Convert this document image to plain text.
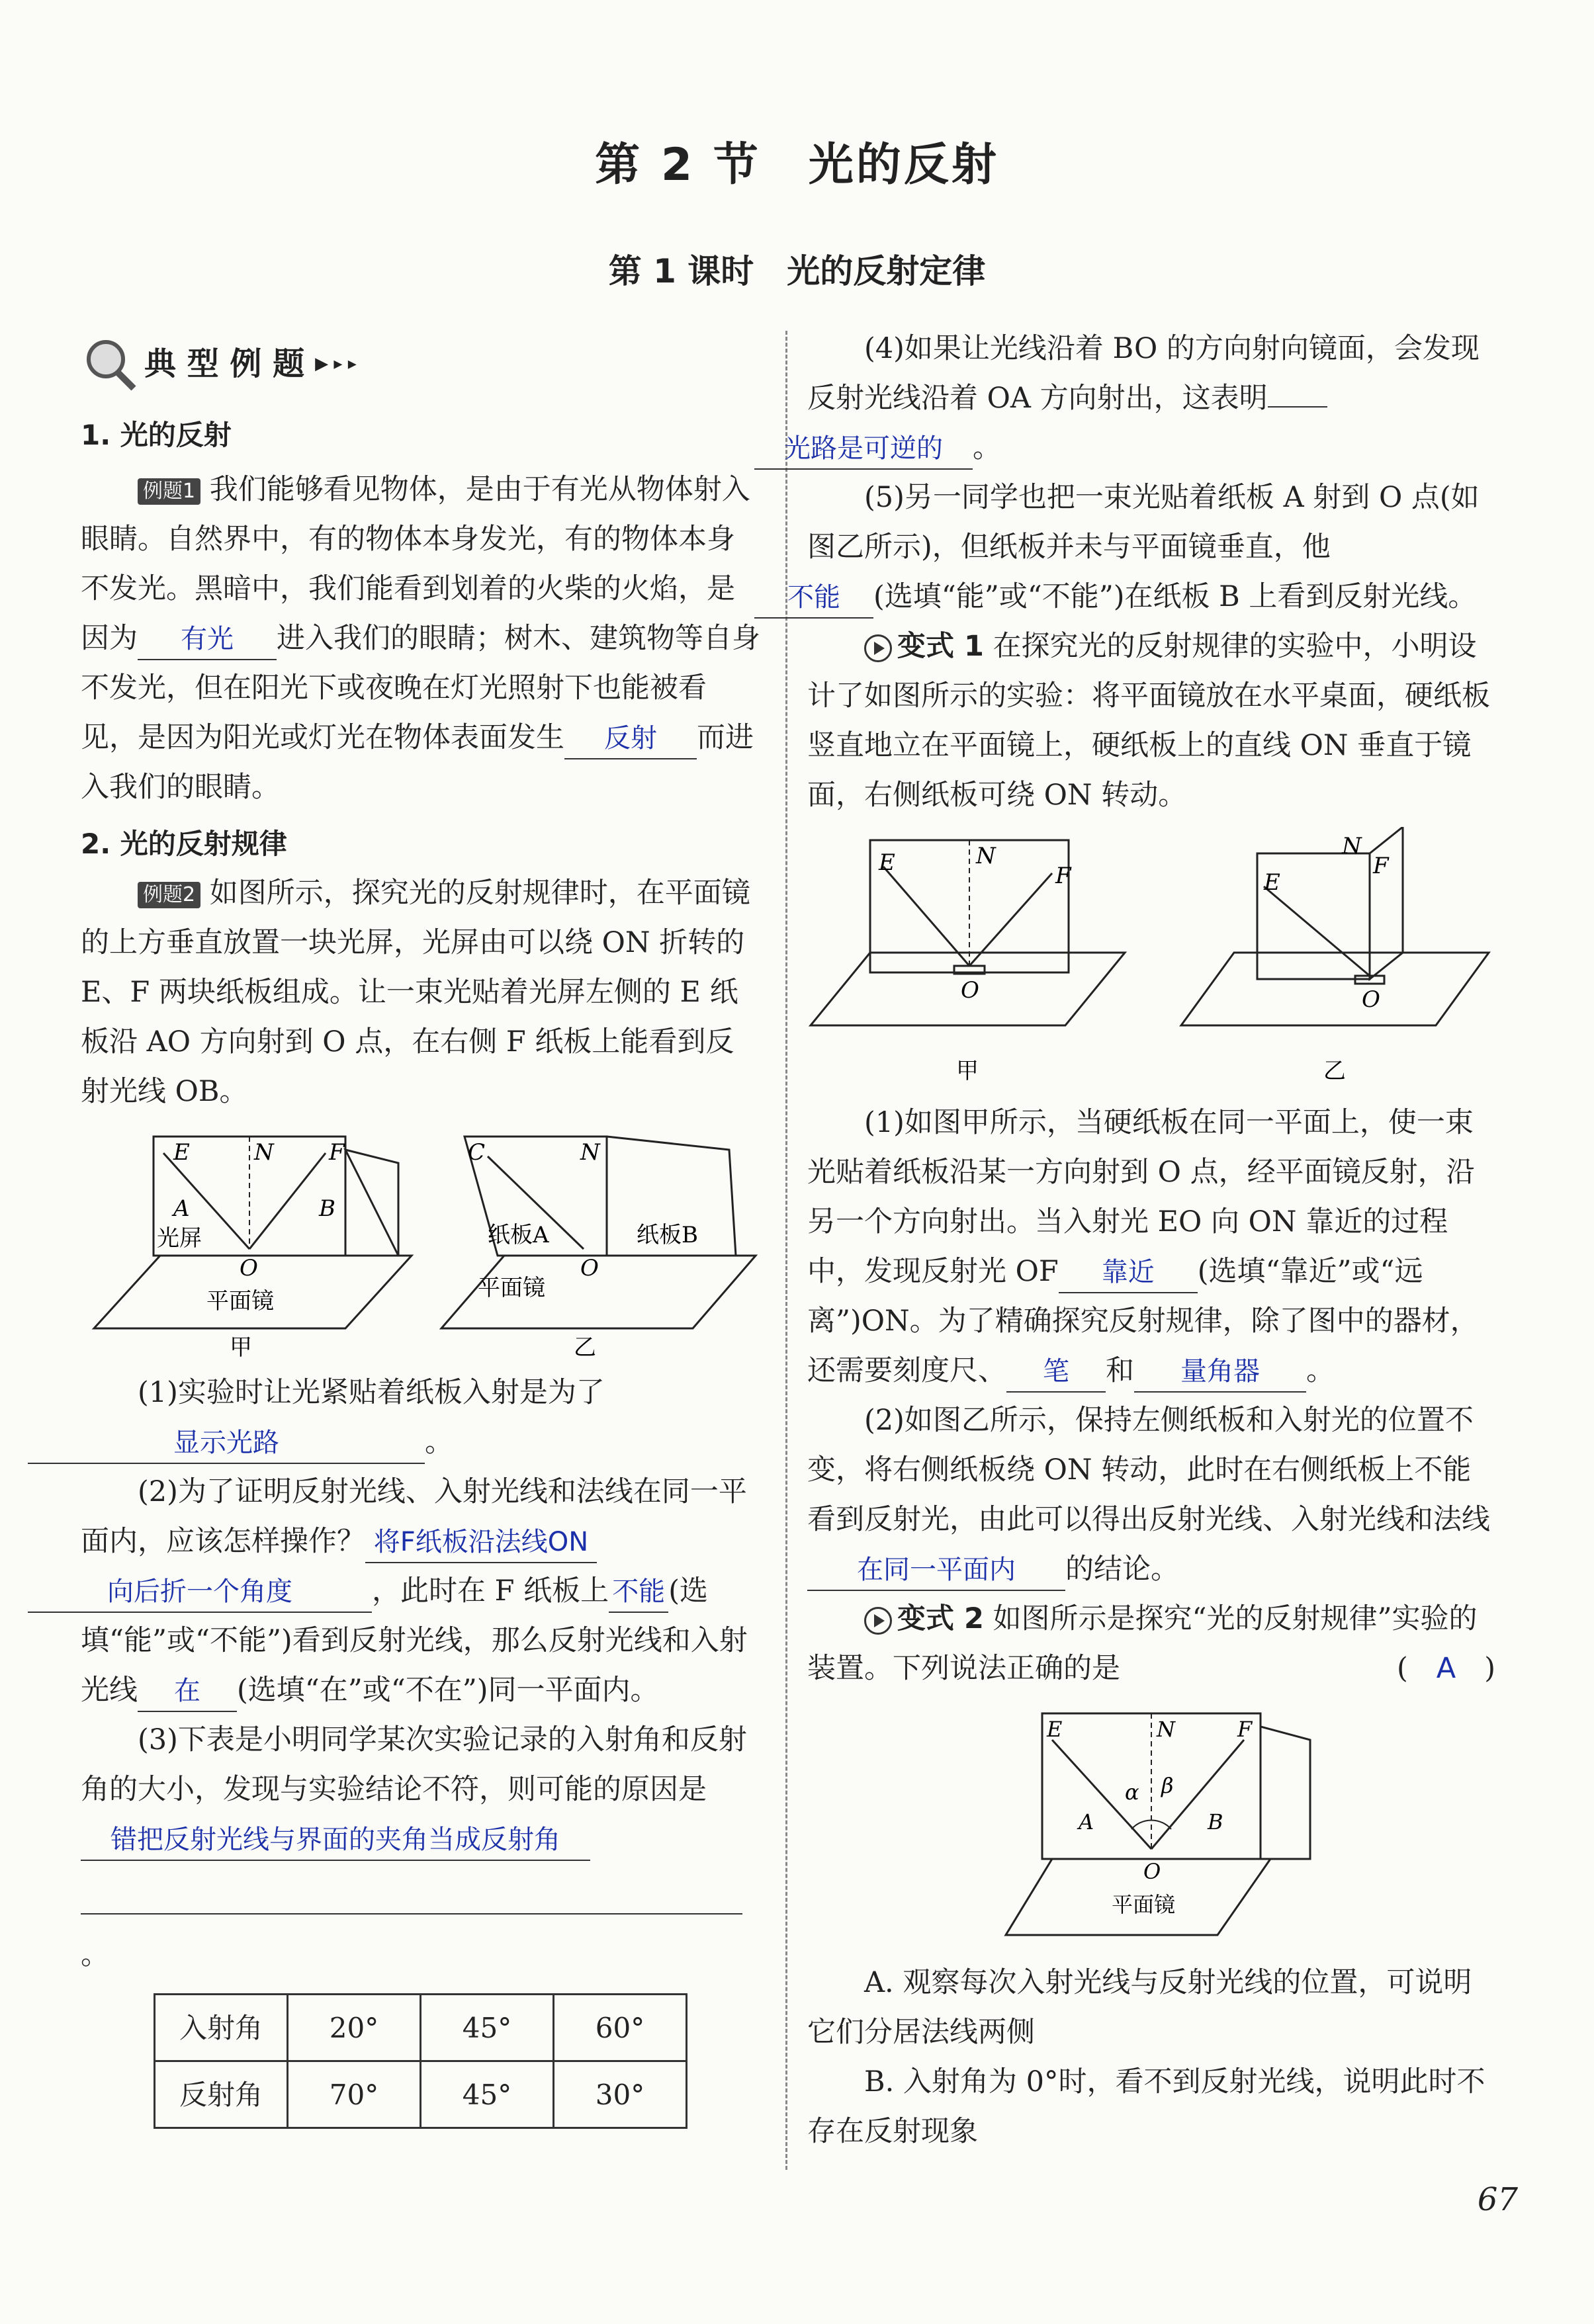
第 2 节　光的反射
第 1 课时　光的反射定律
典 型 例 题 ▶ ▸ ▸

1. 光的反射

例题1 我们能够看见物体，是由于有光从物体射入眼睛。自然界中，有的物体本身发光，有的物体本身不发光。黑暗中，我们能看到划着的火柴的火焰，是因为 有光 进入我们的眼睛；树木、建筑物等自身不发光，但在阳光下或夜晚在灯光照射下也能被看见，是因为阳光或灯光在物体表面发生 反射 而进入我们的眼睛。

2. 光的反射规律

例题2 如图所示，探究光的反射规律时，在平面镜的上方垂直放置一块光屏，光屏由可以绕 ON 折转的 E、F 两块纸板组成。让一束光贴着光屏左侧的 E 纸板沿 AO 方向射到 O 点，在右侧 F 纸板上能看到反射光线 OB。

E	N F
A	B
光屏
O
平面镜
甲
C	N
纸板A	纸板B
O
平面镜
乙

(1)实验时让光紧贴着纸板入射是为了
显示光路	。

(2)为了证明反射光线、入射光线和法线在同一平面内，应该怎样操作？ 将F纸板沿法线ON
向后折一个角度	，此时在 F 纸板上 不能 (选填“能”或“不能”)看到反射光线，那么反射光线和入射光线 在 (选填“在”或“不在”)同一平面内。

(3)下表是小明同学某次实验记录的入射角和反射角的大小，发现与实验结论不符，则可能的原因是错把反射光线与界面的夹角当成反射角

。

入射角	20°	45°	60°
反射角	70°	45°	30°

(4)如果让光线沿着 BO 的方向射向镜面，会发现反射光线沿着 OA 方向射出，这表明
光路是可逆的 。

(5)另一同学也把一束光贴着纸板 A 射到 O 点(如图乙所示)，但纸板并未与平面镜垂直，他
不能 (选填“能”或“不能”)在纸板 B 上看到反射光线。

变式 1 在探究光的反射规律的实验中，小明设计了如图所示的实验：将平面镜放在水平桌面，硬纸板竖直地立在平面镜上，硬纸板上的直线 ON 垂直于镜面，右侧纸板可绕 ON 转动。

E	N
F
O
甲
E
N
F
O
乙

(1)如图甲所示，当硬纸板在同一平面上，使一束光贴着纸板沿某一方向射到 O 点，经平面镜反射，沿另一个方向射出。当入射光 EO 向 ON 靠近的过程中，发现反射光 OF 靠近 (选填“靠近”或“远离”)ON。为了精确探究反射规律，除了图中的器材，还需要刻度尺、 笔 和 量角器 。

(2)如图乙所示，保持左侧纸板和入射光的位置不变，将右侧纸板绕 ON 转动，此时在右侧纸板上不能看到反射光，由此可以得出反射光线、入射光线和法线在同一平面内 的结论。

变式 2 如图所示是探究“光的反射规律”实验的装置。下列说法正确的是	(　A　)

E	N	F
α β
A	B
O
平面镜

A. 观察每次入射光线与反射光线的位置，可说明它们分居法线两侧

B. 入射角为 0°时，看不到反射光线，说明此时不存在反射现象

67
